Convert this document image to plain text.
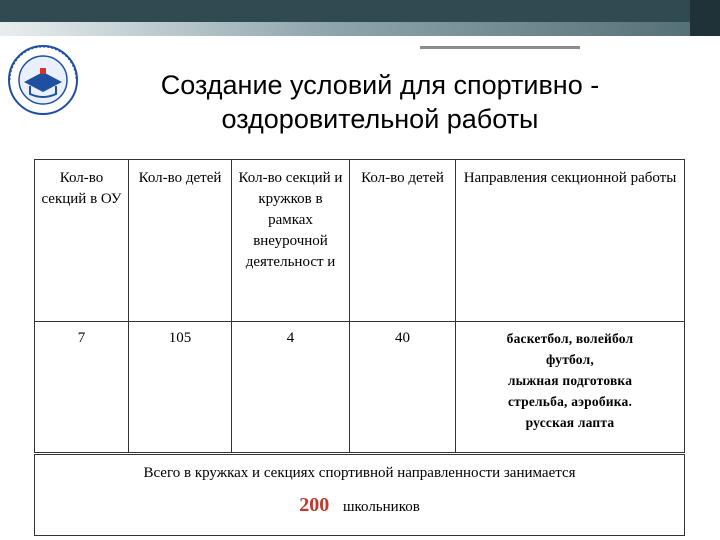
Создание условий для спортивно - оздоровительной работы
Кол-во секций в ОУ	Кол-во детей	Кол-во секций и кружков в рамках внеурочной деятельност и	Кол-во детей	Направления секционной работы
7	105	4	40	баскетбол, волейбол
футбол,
лыжная подготовка
стрельба, аэробика.
русская лапта

Всего в кружках и секциях спортивной направленности занимается
200 школьников				
